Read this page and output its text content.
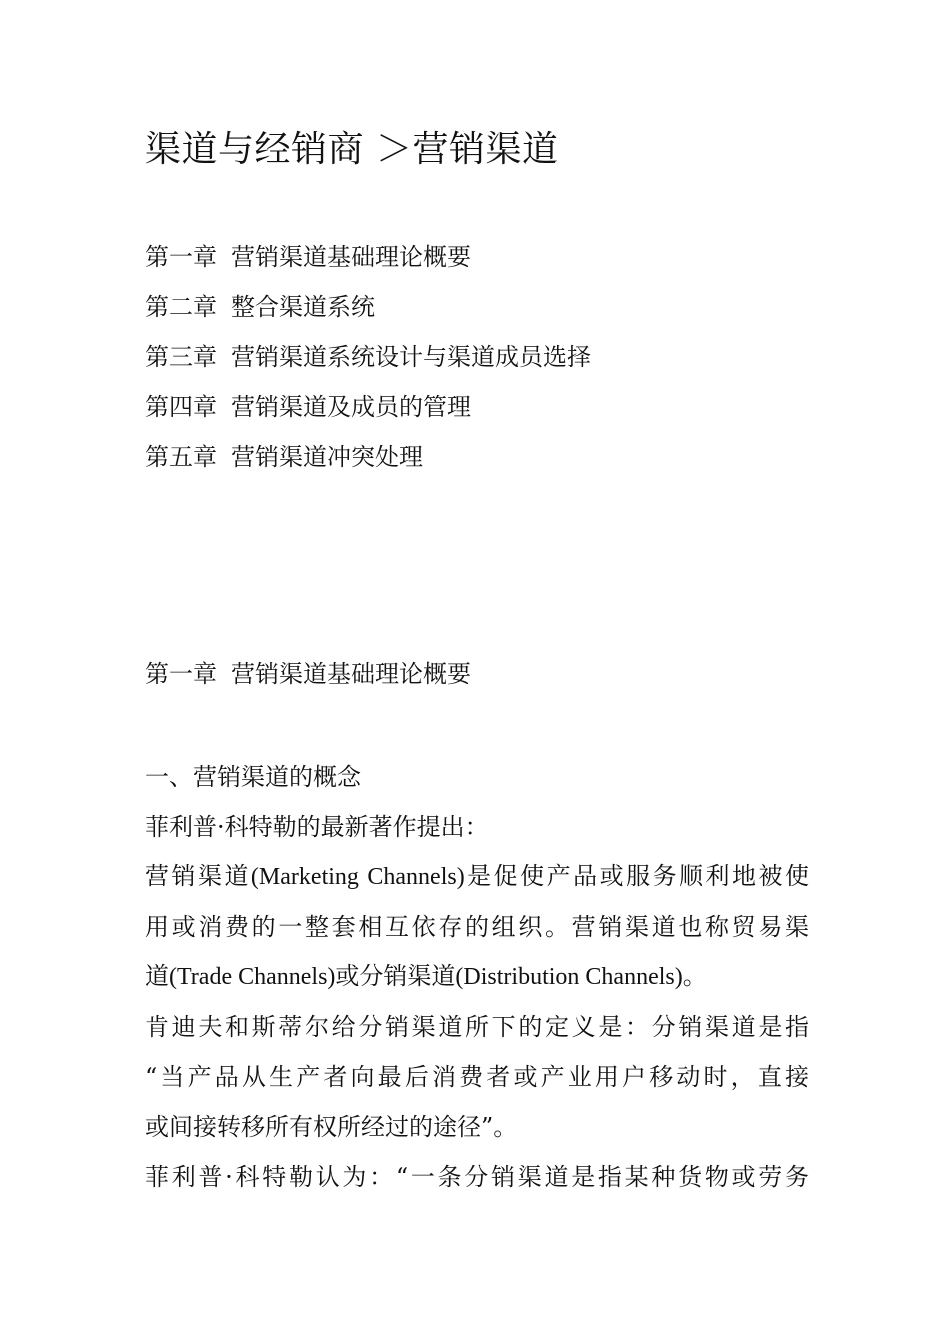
渠道与经销商 ＞营销渠道
第一章 营销渠道基础理论概要
第二章 整合渠道系统
第三章 营销渠道系统设计与渠道成员选择
第四章 营销渠道及成员的管理
第五章 营销渠道冲突处理
第一章 营销渠道基础理论概要
一、营销渠道的概念
菲利普·科特勒的最新著作提出：
营销渠道(Marketing Channels)是促使产品或服务顺利地被使
用或消费的一整套相互依存的组织。营销渠道也称贸易渠
道(Trade Channels)或分销渠道(Distribution Channels)。
肯迪夫和斯蒂尔给分销渠道所下的定义是：分销渠道是指
“当产品从生产者向最后消费者或产业用户移动时，直接
或间接转移所有权所经过的途径”。
菲利普·科特勒认为：“一条分销渠道是指某种货物或劳务
